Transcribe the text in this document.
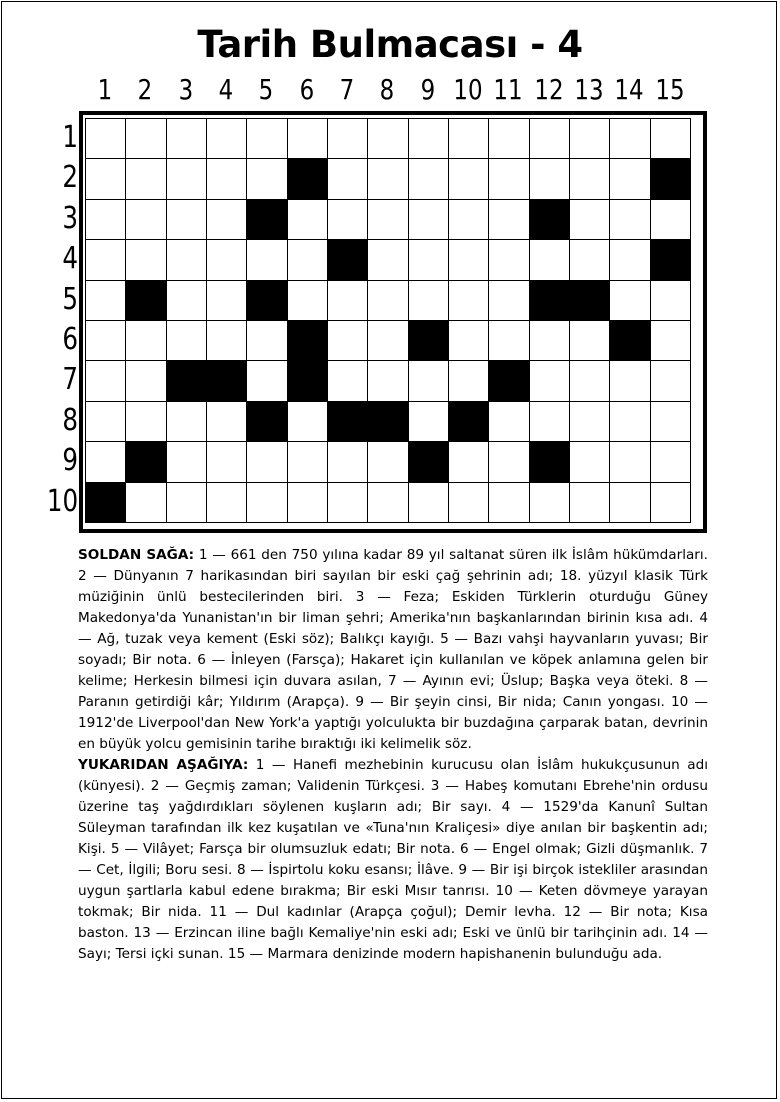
Tarih Bulmacası - 4
1 2 3 4 5 6 7 8 9 10 11 12 13 14 15
1
2
3
4
5
6
7
8
9
10

SOLDAN SAĞA: 1 — 661 den 750 yılına kadar 89 yıl saltanat süren ilk İslâm hükümdarları. 2 — Dünyanın 7 harikasından biri sayılan bir eski çağ şehrinin adı; 18. yüzyıl klasik Türk müziğinin ünlü bestecilerinden biri. 3 — Feza; Eskiden Türklerin oturduğu Güney Makedonya'da Yunanistan'ın bir liman şehri; Amerika'nın başkanlarından birinin kısa adı. 4 — Ağ, tuzak veya kement (Eski söz); Balıkçı kayığı. 5 — Bazı vahşi hayvanların yuvası; Bir soyadı; Bir nota. 6 — İnleyen (Farsça); Hakaret için kullanılan ve köpek anlamına gelen bir kelime; Herkesin bilmesi için duvara asılan, 7 — Ayının evi; Üslup; Başka veya öteki. 8 — Paranın getirdiği kâr; Yıldırım (Arapça). 9 — Bir şeyin cinsi, Bir nida; Canın yongası. 10 — 1912'de Liverpool'dan New York'a yaptığı yolculukta bir buzdağına çarparak batan, devrinin en büyük yolcu gemisinin tarihe bıraktığı iki kelimelik söz.

YUKARIDAN AŞAĞIYA: 1 — Hanefi mezhebinin kurucusu olan İslâm hukukçusunun adı (künyesi). 2 — Geçmiş zaman; Validenin Türkçesi. 3 — Habeş komutanı Ebrehe'nin ordusu üzerine taş yağdırdıkları söylenen kuşların adı; Bir sayı. 4 — 1529'da Kanunî Sultan Süleyman tarafından ilk kez kuşatılan ve «Tuna'nın Kraliçesi» diye anılan bir başkentin adı; Kişi. 5 — Vilâyet; Farsça bir olumsuzluk edatı; Bir nota. 6 — Engel olmak; Gizli düşmanlık. 7 — Cet, İlgili; Boru sesi. 8 — İspirtolu koku esansı; İlâve. 9 — Bir işi birçok istekliler arasından uygun şartlarla kabul edene bırakma; Bir eski Mısır tanrısı. 10 — Keten dövmeye yarayan tokmak; Bir nida. 11 — Dul kadınlar (Arapça çoğul); Demir levha. 12 — Bir nota; Kısa baston. 13 — Erzincan iline bağlı Kemaliye'nin eski adı; Eski ve ünlü bir tarihçinin adı. 14 — Sayı; Tersi içki sunan. 15 — Marmara denizinde modern hapishanenin bulunduğu ada.
